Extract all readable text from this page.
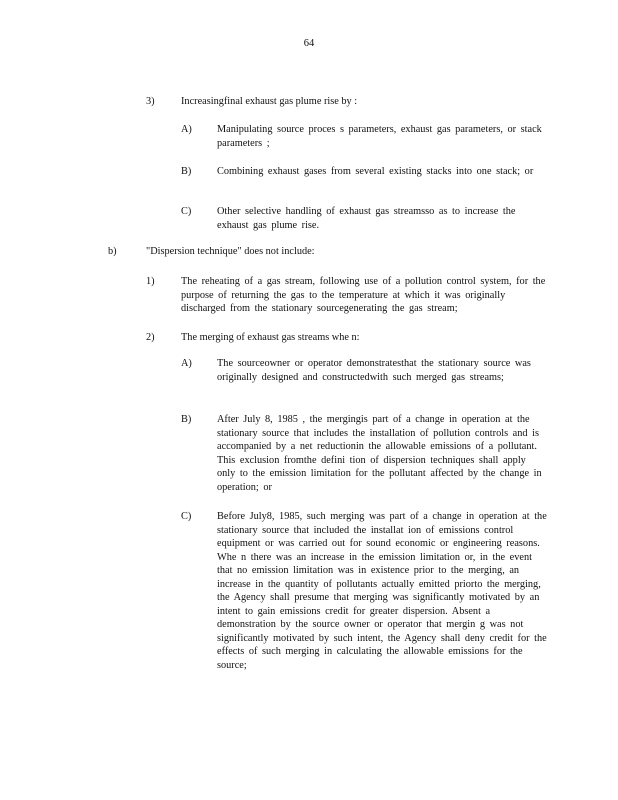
64
3)	Increasingfinal exhaust gas plume rise by :
A) Manipulating source proces s parameters, exhaust gas parameters, or stack parameters ;
B) Combining exhaust gases from several existing stacks into one stack; or
C) Other selective handling of exhaust gas streamsso as to increase the exhaust gas plume rise.
b)	"Dispersion technique" does not include:
1)	The reheating of a gas stream, following use of a pollution control system, for the purpose of returning the gas to the temperature at which it was originally discharged from the stationary sourcegenerating the gas stream;
2)	The merging of exhaust gas streams whe n:
A) The sourceowner or operator demonstratesthat the stationary source was originally designed and constructedwith such merged gas streams;
B) After July 8, 1985 , the mergingis part of a change in operation at the stationary source that includes the installation of pollution controls and is accompanied by a net reductionin the allowable emissions of a pollutant. This exclusion fromthe defini tion of dispersion techniques shall apply only to the emission limitation for the pollutant affected by the change in operation; or
C) Before July8, 1985, such merging was part of a change in operation at the stationary source that included the installat ion of emissions control equipment or was carried out for sound economic or engineering reasons. Whe n there was an increase in the emission limitation or, in the event that no emission limitation was in existence prior to the merging, an increase in the quantity of pollutants actually emitted priorto the merging, the Agency shall presume that merging was significantly motivated by an intent to gain emissions credit for greater dispersion. Absent a demonstration by the source owner or operator that mergin g was not significantly motivated by such intent, the Agency shall deny credit for the effects of such merging in calculating the allowable emissions for the source;
